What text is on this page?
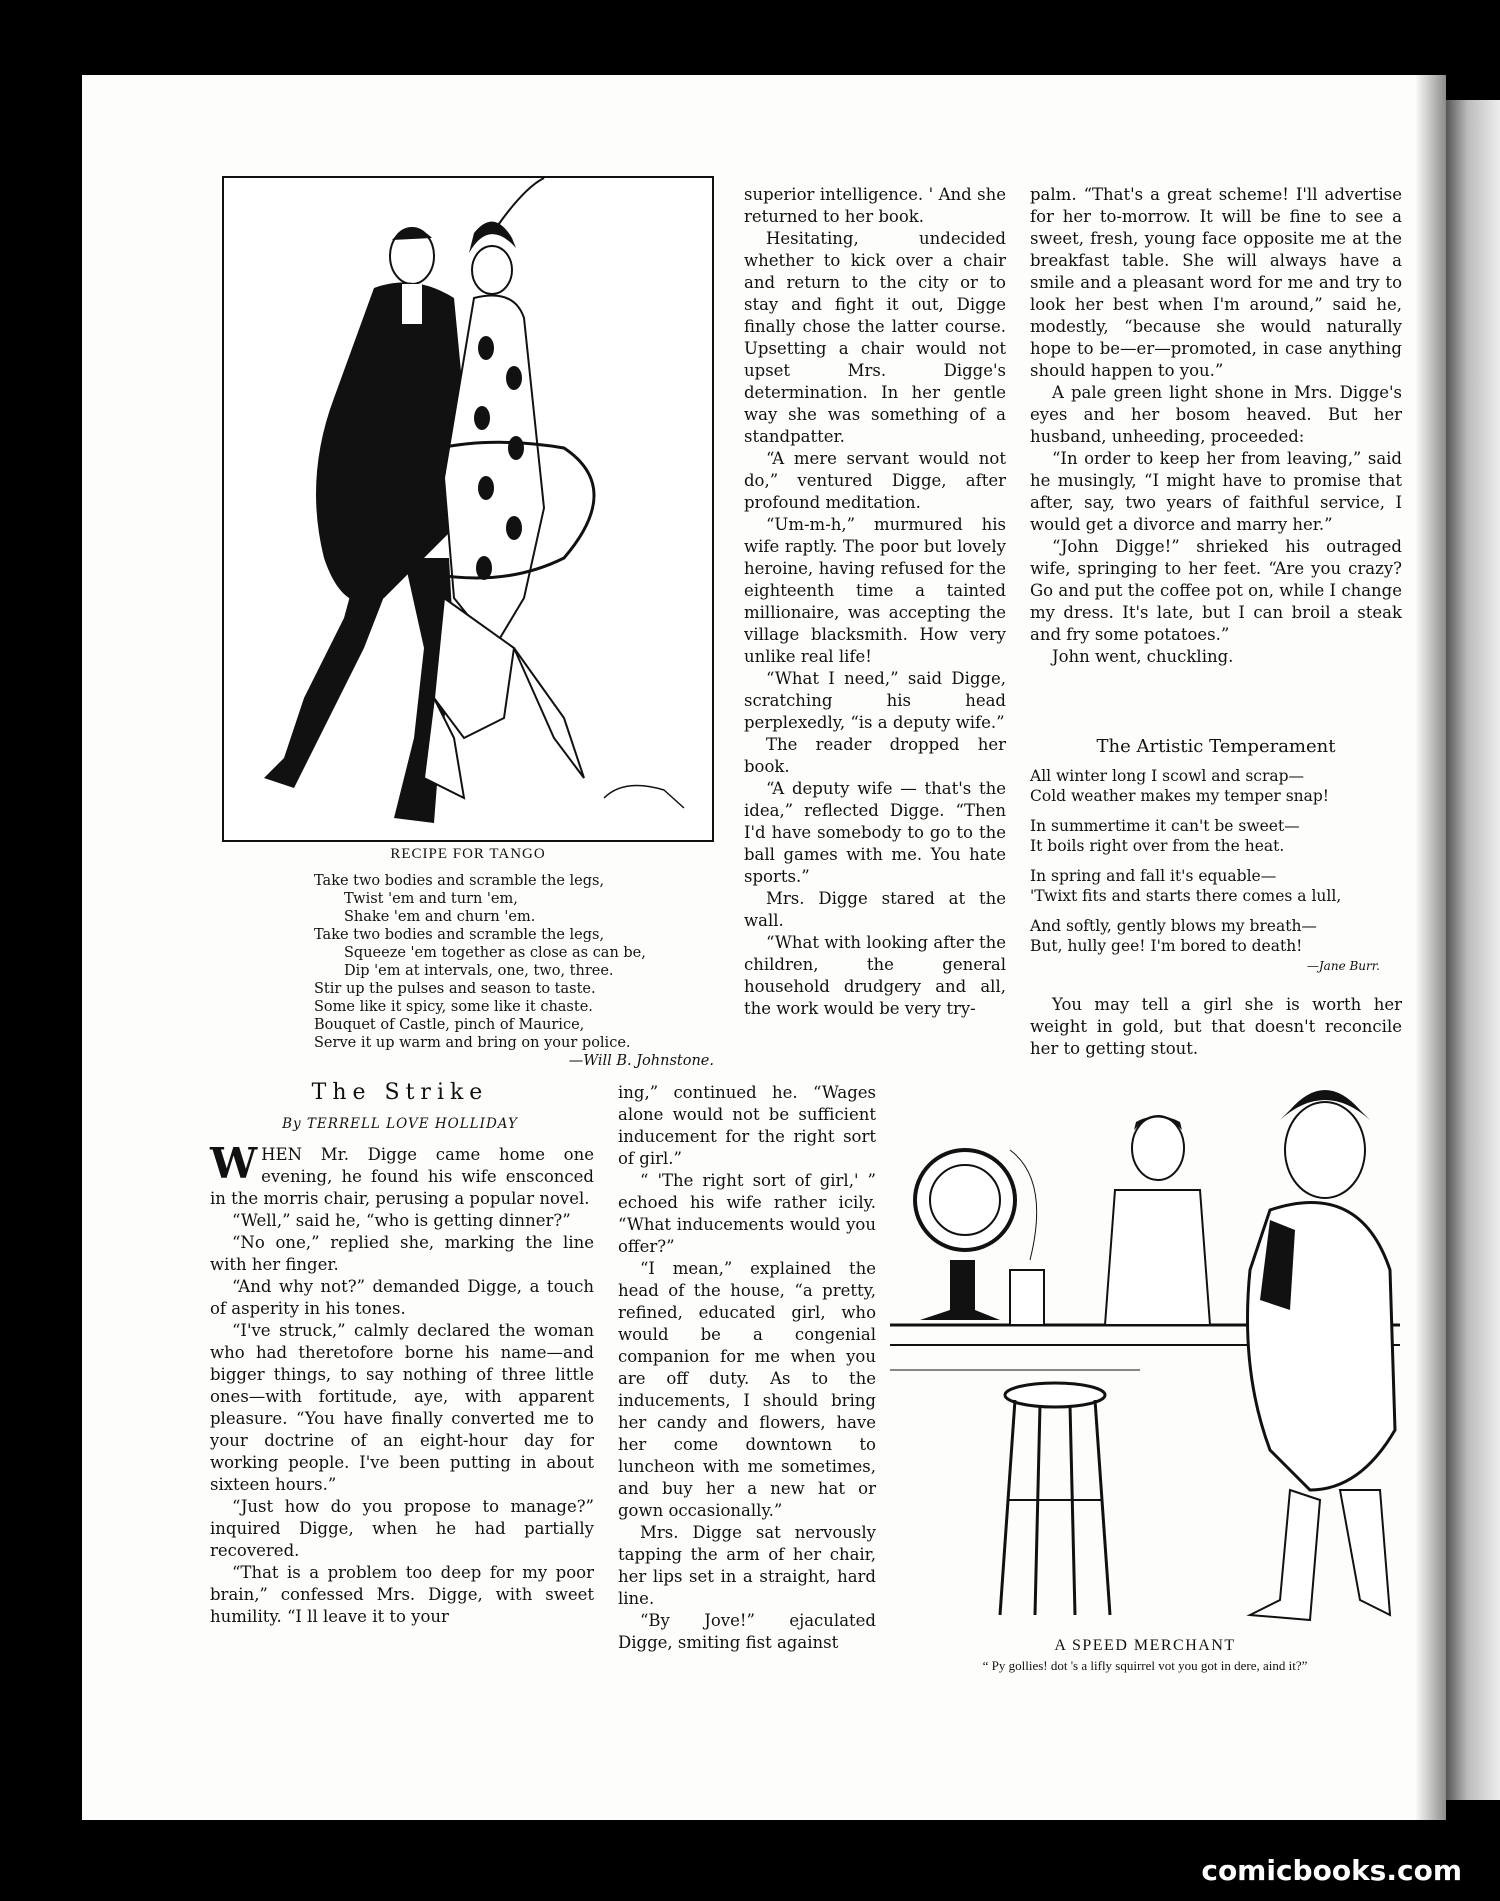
RECIPE FOR TANGO
Take two bodies and scramble the legs,
Twist 'em and turn 'em,
Shake 'em and churn 'em.
Take two bodies and scramble the legs,
Squeeze 'em together as close as can be,
Dip 'em at intervals, one, two, three.
Stir up the pulses and season to taste.
Some like it spicy, some like it chaste.
Bouquet of Castle, pinch of Maurice,
Serve it up warm and bring on your police.
—Will B. Johnstone.
The Strike
By TERRELL LOVE HOLLIDAY

WHEN Mr. Digge came home one evening, he found his wife ensconced in the morris chair, perusing a popular novel.

“Well,” said he, “who is getting dinner?”

“No one,” replied she, marking the line with her finger.

“And why not?” demanded Digge, a touch of asperity in his tones.

“I've struck,” calmly declared the woman who had theretofore borne his name—and bigger things, to say nothing of three little ones—with fortitude, aye, with apparent pleasure. “You have finally converted me to your doctrine of an eight-hour day for working people. I've been putting in about sixteen hours.”

“Just how do you propose to manage?” inquired Digge, when he had partially recovered.

“That is a problem too deep for my poor brain,” confessed Mrs. Digge, with sweet humility. “I ll leave it to your

superior intelligence. ' And she returned to her book.

Hesitating, undecided whether to kick over a chair and return to the city or to stay and fight it out, Digge finally chose the latter course. Upsetting a chair would not upset Mrs. Digge's determination. In her gentle way she was something of a standpatter.

“A mere servant would not do,” ventured Digge, after profound meditation.

“Um-m-h,” murmured his wife raptly. The poor but lovely heroine, having refused for the eighteenth time a tainted millionaire, was accepting the village blacksmith. How very unlike real life!

“What I need,” said Digge, scratching his head perplexedly, “is a deputy wife.”

The reader dropped her book.

“A deputy wife — that's the idea,” reflected Digge. “Then I'd have somebody to go to the ball games with me. You hate sports.”

Mrs. Digge stared at the wall.

“What with looking after the children, the general household drudgery and all, the work would be very try-

ing,” continued he. “Wages alone would not be sufficient inducement for the right sort of girl.”

“ 'The right sort of girl,' ” echoed his wife rather icily. “What inducements would you offer?”

“I mean,” explained the head of the house, “a pretty, refined, educated girl, who would be a congenial companion for me when you are off duty. As to the inducements, I should bring her candy and flowers, have her come downtown to luncheon with me sometimes, and buy her a new hat or gown occasionally.”

Mrs. Digge sat nervously tapping the arm of her chair, her lips set in a straight, hard line.

“By Jove!” ejaculated Digge, smiting fist against

palm. “That's a great scheme! I'll advertise for her to-morrow. It will be fine to see a sweet, fresh, young face opposite me at the breakfast table. She will always have a smile and a pleasant word for me and try to look her best when I'm around,” said he, modestly, “because she would naturally hope to be—er—promoted, in case anything should happen to you.”

A pale green light shone in Mrs. Digge's eyes and her bosom heaved. But her husband, unheeding, proceeded:

“In order to keep her from leaving,” said he musingly, “I might have to promise that after, say, two years of faithful service, I would get a divorce and marry her.”

“John Digge!” shrieked his outraged wife, springing to her feet. “Are you crazy? Go and put the coffee pot on, while I change my dress. It's late, but I can broil a steak and fry some potatoes.”

John went, chuckling.

The Artistic Temperament
All winter long I scowl and scrap—
Cold weather makes my temper snap!
In summertime it can't be sweet—
It boils right over from the heat.
In spring and fall it's equable—
'Twixt fits and starts there comes a lull,
And softly, gently blows my breath—
But, hully gee! I'm bored to death!
—Jane Burr.

You may tell a girl she is worth her weight in gold, but that doesn't reconcile her to getting stout.

A SPEED MERCHANT
“ Py gollies! dot 's a lifly squirrel vot you got in dere, aind it?”
comicbooks.com
